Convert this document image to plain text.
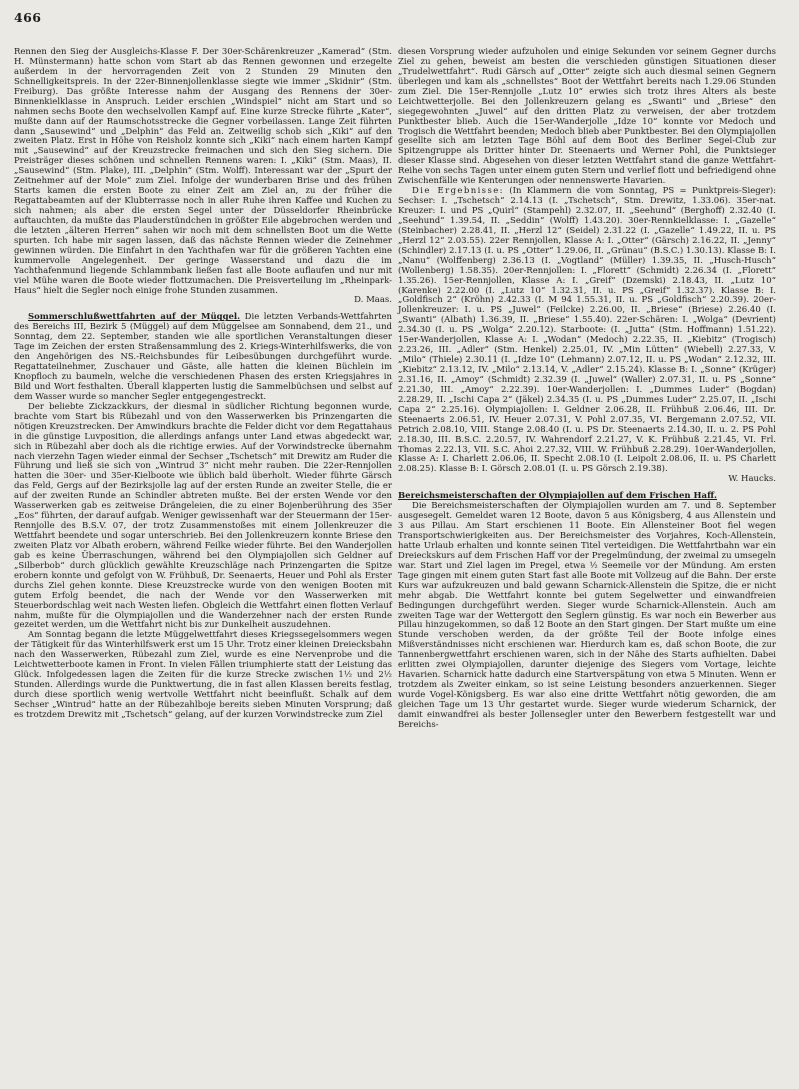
466

Rennen den Sieg der Ausgleichs-Klasse F. Der 30er-Schärenkreuzer „Kamerad“ (Stm. H. Münstermann) hatte schon vom Start ab das Rennen gewonnen und erzegelte außerdem in der hervorragenden Zeit von 2 Stunden 29 Minuten den Schnelligkeitspreis. In der 22er-Binnenjollenklasse siegte wie immer „Skidnir“ (Stm. Freiburg). Das größte Interesse nahm der Ausgang des Rennens der 30er-Binnenkielklasse in Anspruch. Leider erschien „Windspiel“ nicht am Start und so nahmen sechs Boote den wechselvollen Kampf auf. Eine kurze Strecke führte „Kater“, mußte dann auf der Raumschotsstrecke die Gegner vorbeilassen. Lange Zeit führten dann „Sausewind“ und „Delphin“ das Feld an. Zeitweilig schob sich „Kiki“ auf den zweiten Platz. Erst in Höhe von Reisholz konnte sich „Kiki“ nach einem harten Kampf mit „Sausewind“ auf der Kreuzstrecke freimachen und sich den Sieg sichern. Die Preisträger dieses schönen und schnellen Rennens waren: I. „Kiki“ (Stm. Maas), II. „Sausewind“ (Stm. Plake), III. „Delphin“ (Stm. Wolff). Interessant war der „Spurt der Zeitnehmer auf der Mole“ zum Ziel. Infolge der wunderbaren Brise und des frühen Starts kamen die ersten Boote zu einer Zeit am Ziel an, zu der früher die Regattabeamten auf der Klubterrasse noch in aller Ruhe ihren Kaffee und Kuchen zu sich nahmen; als aber die ersten Segel unter der Düsseldorfer Rheinbrücke auftauchten, da mußte das Plauderstündchen in größter Eile abgebrochen werden und die letzten „älteren Herren“ sahen wir noch mit dem schnellsten Boot um die Wette spurten. Ich habe mir sagen lassen, daß das nächste Rennen wieder die Zeinehmer gewinnen würden. Die Einfahrt in den Yachthafen war für die größeren Yachten eine kummervolle Angelegenheit. Der geringe Wasserstand und dazu die im Yachthafenmund liegende Schlammbank ließen fast alle Boote auflaufen und nur mit viel Mühe waren die Boote wieder flottzumachen. Die Preisverteilung im „Rheinpark-Haus“ hielt die Segler noch einige frohe Stunden zusammen.

D. Maas.

Sommerschlußwettfahrten auf der Müggel. Die letzten Verbands-Wettfahrten des Bereichs III, Bezirk 5 (Müggel) auf dem Müggelsee am Sonnabend, dem 21., und Sonntag, dem 22. September, standen wie alle sportlichen Veranstaltungen dieser Tage im Zeichen der ersten Straßensammlung des 2. Kriegs-Winterhilfswerks, die von den Angehörigen des NS.-Reichsbundes für Leibesübungen durchgeführt wurde. Regattateilnehmer, Zuschauer und Gäste, alle hatten die kleinen Büchlein im Knopfloch zu baumeln, welche die verschiedenen Phasen des ersten Kriegsjahres in Bild und Wort festhalten. Überall klapperten lustig die Sammelbüchsen und selbst auf dem Wasser wurde so mancher Segler entgegengestreckt.

Der beliebte Zickzackkurs, der diesmal in südlicher Richtung begonnen wurde, brachte vom Start bis Rübezahl und von den Wasserwerken bis Prinzengarten die nötigen Kreuzstrecken. Der Amwindkurs brachte die Felder dicht vor dem Regattahaus in die günstige Luvposition, die allerdings anfangs unter Land etwas abgedeckt war, sich in Rübezahl aber doch als die richtige erwies. Auf der Vorwindstrecke übernahm nach vierzehn Tagen wieder einmal der Sechser „Tschetsch“ mit Drewitz am Ruder die Führung und ließ sie sich von „Wintrud 3“ nicht mehr rauben. Die 22er-Rennjollen hatten die 30er- und 35er-Kielboote wie üblich bald überholt. Wieder führte Gärsch das Feld, Gergs auf der Bezirksjolle lag auf der ersten Runde an zweiter Stelle, die er auf der zweiten Runde an Schindler abtreten mußte. Bei der ersten Wende vor den Wasserwerken gab es zeitweise Drängeleien, die zu einer Bojenberührung des 35er „Eos“ führten, der darauf aufgab. Weniger gewissenhaft war der Steuermann der 15er-Rennjolle des B.S.V. 07, der trotz Zusammenstoßes mit einem Jollenkreuzer die Wettfahrt beendete und sogar unterschrieb. Bei den Jollenkreuzern konnte Briese den zweiten Platz vor Albath erobern, während Feilke wieder führte. Bei den Wanderjollen gab es keine Überraschungen, während bei den Olympiajollen sich Geldner auf „Silberbob“ durch glücklich gewählte Kreuzschläge nach Prinzengarten die Spitze erobern konnte und gefolgt von W. Frühbuß, Dr. Seenaerts, Heuer und Pohl als Erster durchs Ziel gehen konnte. Diese Kreuzstrecke wurde von den wenigen Booten mit gutem Erfolg beendet, die nach der Wende vor den Wasserwerken mit Steuerbordschlag weit nach Westen liefen. Obgleich die Wettfahrt einen flotten Verlauf nahm, mußte für die Olympiajollen und die Wanderzehner nach der ersten Runde gezeitet werden, um die Wettfahrt nicht bis zur Dunkelheit auszudehnen.

Am Sonntag begann die letzte Müggelwettfahrt dieses Kriegssegelsommers wegen der Tätigkeit für das Winterhilfswerk erst um 15 Uhr. Trotz einer kleinen Dreiecksbahn nach den Wasserwerken, Rübezahl zum Ziel, wurde es eine Nervenprobe und die Leichtwetterboote kamen in Front. In vielen Fällen triumphierte statt der Leistung das Glück. Infolgedessen lagen die Zeiten für die kurze Strecke zwischen 1½ und 2½ Stunden. Allerdings wurde die Punktwertung, die in fast allen Klassen bereits festlag, durch diese sportlich wenig wertvolle Wettfahrt nicht beeinflußt. Schalk auf dem Sechser „Wintrud“ hatte an der Rübezahlboje bereits sieben Minuten Vorsprung; daß es trotzdem Drewitz mit „Tschetsch“ gelang, auf der kurzen Vorwindstrecke zum Ziel

diesen Vorsprung wieder aufzuholen und einige Sekunden vor seinem Gegner durchs Ziel zu gehen, beweist am besten die verschieden günstigen Situationen dieser „Trudelwettfahrt“. Rudi Gärsch auf „Otter“ zeigte sich auch diesmal seinen Gegnern überlegen und kam als „schnellstes“ Boot der Wettfahrt bereits nach 1.29.06 Stunden zum Ziel. Die 15er-Rennjolle „Lutz 10“ erwies sich trotz ihres Alters als beste Leichtwetterjolle. Bei den Jollenkreuzern gelang es „Swanti“ und „Briese“ den siegegewohnten „Juwel“ auf den dritten Platz zu verweisen, der aber trotzdem Punktbester blieb. Auch die 15er-Wanderjolle „Idze 10“ konnte vor Medoch und Trogisch die Wettfahrt beenden; Medoch blieb aber Punktbester. Bei den Olympiajollen gesellte sich am letzten Tage Böhl auf dem Boot des Berliner Segel-Club zur Spitzengruppe als Dritter hinter Dr. Steenaerts und Werner Pohl, die Punktsieger dieser Klasse sind. Abgesehen von dieser letzten Wettfahrt stand die ganze Wettfahrt-Reihe von sechs Tagen unter einem guten Stern und verlief flott und befriedigend ohne Zwischenfälle wie Kenterungen oder nennenswerte Havarien.

Die Ergebnisse: (In Klammern die vom Sonntag, PS = Punktpreis-Sieger): Sechser: I. „Tschetsch“ 2.14.13 (I. „Tschetsch“, Stm. Drewitz, 1.33.06). 35er-nat. Kreuzer: I. und PS „Quirl“ (Stampehl) 2.32.07, II. „Seehund“ (Berghoff) 2.32.40 (I. „Seehund“ 1.39.54, II. „Seddin“ (Wolff) 1.43.20). 30er-Rennkielklasse: I. „Gazelle“ (Steinbacher) 2.28.41, II. „Herzl 12“ (Seidel) 2.31.22 (I. „Gazelle“ 1.49.22, II. u. PS „Herzl 12“ 2.03.55). 22er Rennjollen, Klasse A: I. „Otter“ (Gärsch) 2.16.22, II. „Jenny“ (Schindler) 2.17.13 (I. u. PS „Otter“ 1.29.06, II. „Grünau“ (B.S.C.) 1.30.13). Klasse B: I. „Nanu“ (Wolffenberg) 2.36.13 (I. „Vogtland“ (Müller) 1.39.35, II. „Husch-Husch“ (Wollenberg) 1.58.35). 20er-Rennjollen: I. „Florett“ (Schmidt) 2.26.34 (I. „Florett“ 1.35.26). 15er-Rennjollen, Klasse A: I. „Greif“ (Dzemski) 2.18.43, II. „Lutz 10“ (Karenke) 2.22.00 (I. „Lutz 10“ 1.32.31, II. u. PS „Greif“ 1.32.37). Klasse B: I. „Goldfisch 2“ (Kröhn) 2.42.33 (I. M 94 1.55.31, II. u. PS „Goldfisch“ 2.20.39). 20er-Jollenkreuzer: I. u. PS „Juwel“ (Feilcke) 2.26.00, II. „Briese“ (Briese) 2.26.40 (I. „Swanti“ (Albath) 1.36.39, II. „Briese“ 1.55.40). 22er-Schären: I. „Wolga“ (Devrient) 2.34.30 (I. u. PS „Wolga“ 2.20.12). Starboote: (I. „Jutta“ (Stm. Hoffmann) 1.51.22). 15er-Wanderjollen, Klasse A: I. „Wodan“ (Medoch) 2.22.35, II. „Kiebitz“ (Trogisch) 2.23.26, III. „Adler“ (Stm. Henkel) 2.25.01, IV. „Min Lütten“ (Wiebell) 2.27.33, V. „Milo“ (Thiele) 2.30.11 (I. „Idze 10“ (Lehmann) 2.07.12, II. u. PS „Wodan“ 2.12.32, III. „Kiebitz“ 2.13.12, IV. „Milo“ 2.13.14, V. „Adler“ 2.15.24). Klasse B: I. „Sonne“ (Krüger) 2.31.16, II. „Amoy“ (Schmidt) 2.32.39 (I. „Juwel“ (Waller) 2.07.31, II. u. PS „Sonne“ 2.21.30, III. „Amoy“ 2.22.39). 10er-Wanderjollen: I. „Dummes Luder“ (Bogdan) 2.28.29, II. „Ischi Capa 2“ (Jäkel) 2.34.35 (I. u. PS „Dummes Luder“ 2.25.07, II. „Ischi Capa 2“ 2.25.16). Olympiajollen: I. Geldner 2.06.28, II. Frühbuß 2.06.46, III. Dr. Steenaerts 2.06.51, IV. Heuer 2.07.31, V. Pohl 2.07.35, VI. Bergemann 2.07.52, VII. Petrich 2.08.10, VIII. Stange 2.08.40 (I. u. PS Dr. Steenaerts 2.14.30, II. u. 2. PS Pohl 2.18.30, III. B.S.C. 2.20.57, IV. Wahrendorf 2.21.27, V. K. Frühbuß 2.21.45, VI. Frl. Thomas 2.22.13, VII. S.C. Ahoi 2.27.32, VIII. W. Frühbuß 2.28.29). 10er-Wanderjollen, Klasse A: I. Charlett 2.06.06, II. Specht 2.08.10 (I. Leipolt 2.08.06, II. u. PS Charlett 2.08.25). Klasse B: I. Görsch 2.08.01 (I. u. PS Görsch 2.19.38).

W. Haucks.

Bereichsmeisterschaften der Olympiajollen auf dem Frischen Haff.

Die Bereichsmeisterschaften der Olympiajollen wurden am 7. und 8. September ausgesegelt. Gemeldet waren 12 Boote, davon 5 aus Königsberg, 4 aus Allenstein und 3 aus Pillau. Am Start erschienen 11 Boote. Ein Allensteiner Boot fiel wegen Transportschwierigkeiten aus. Der Bereichsmeister des Vorjahres, Koch-Allenstein, hatte Urlaub erhalten und konnte seinen Titel verteidigen. Die Wettfahrtbahn war ein Dreieckskurs auf dem Frischen Haff vor der Pregelmündung, der zweimal zu umsegeln war. Start und Ziel lagen im Pregel, etwa ½ Seemeile vor der Mündung. Am ersten Tage gingen mit einem guten Start fast alle Boote mit Vollzeug auf die Bahn. Der erste Kurs war aufzukreuzen und bald gewann Scharnick-Allenstein die Spitze, die er nicht mehr abgab. Die Wettfahrt konnte bei gutem Segelwetter und einwandfreien Bedingungen durchgeführt werden. Sieger wurde Scharnick-Allenstein. Auch am zweiten Tage war der Wettergott den Seglern günstig. Es war noch ein Bewerber aus Pillau hinzugekommen, so daß 12 Boote an den Start gingen. Der Start mußte um eine Stunde verschoben werden, da der größte Teil der Boote infolge eines Mißverständnisses nicht erschienen war. Hierdurch kam es, daß schon Boote, die zur Tannenbergwettfahrt erschienen waren, sich in der Nähe des Starts aufhielten. Dabei erlitten zwei Olympiajollen, darunter diejenige des Siegers vom Vortage, leichte Havarien. Scharnick hatte dadurch eine Startverspätung von etwa 5 Minuten. Wenn er trotzdem als Zweiter einkam, so ist seine Leistung besonders anzuerkennen. Sieger wurde Vogel-Königsberg. Es war also eine dritte Wettfahrt nötig geworden, die am gleichen Tage um 13 Uhr gestartet wurde. Sieger wurde wiederum Scharnick, der damit einwandfrei als bester Jollensegler unter den Bewerbern festgestellt war und Bereichs-
